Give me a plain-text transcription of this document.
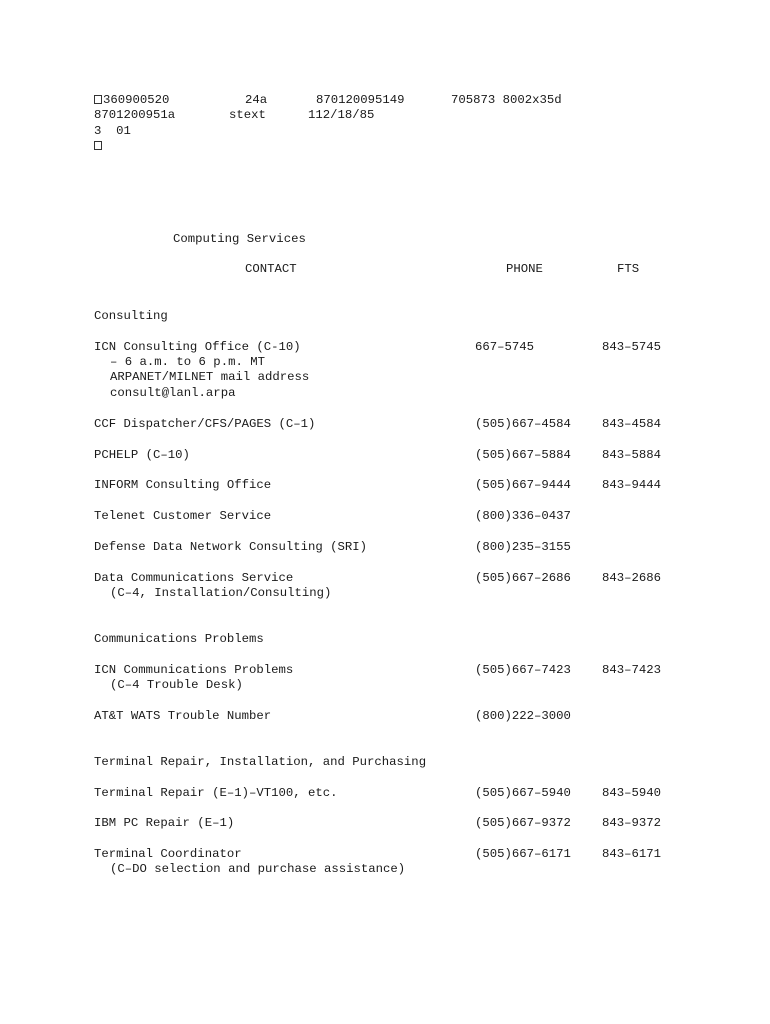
360900520	24a	870120095149	705873 8002x35d
8701200951a	stext	112/18/85
3  01
Computing Services
CONTACT	PHONE	FTS
Consulting
ICN Consulting Office (C-10)	667–5745	843–5745
– 6 a.m. to 6 p.m. MT
ARPANET/MILNET mail address
consult@lanl.arpa
CCF Dispatcher/CFS/PAGES (C–1)	(505)667–4584	843–4584
PCHELP (C–10)	(505)667–5884	843–5884
INFORM Consulting Office	(505)667–9444	843–9444
Telenet Customer Service	(800)336–0437
Defense Data Network Consulting (SRI)	(800)235–3155
Data Communications Service	(505)667–2686	843–2686
(C–4, Installation/Consulting)
Communications Problems
ICN Communications Problems	(505)667–7423	843–7423
(C–4 Trouble Desk)
AT&T WATS Trouble Number	(800)222–3000
Terminal Repair, Installation, and Purchasing
Terminal Repair (E–1)–VT100, etc.	(505)667–5940	843–5940
IBM PC Repair (E–1)	(505)667–9372	843–9372
Terminal Coordinator	(505)667–6171	843–6171
(C–DO selection and purchase assistance)
